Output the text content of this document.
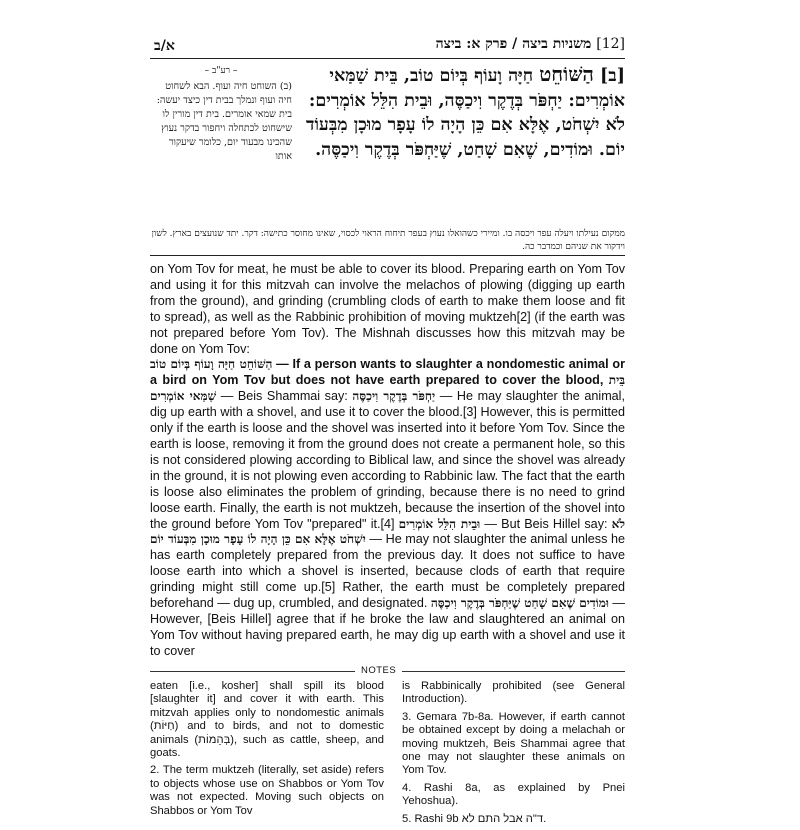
א/ב	[12] משניות ביצה / פרק א: ביצה
– רע"ב –

(ב) השוחט חיה ועוף. הבא לשחוט חיה ועוף ונמלך בבית דין כיצד יעשה: בית שמאי אומרים. בית דין מורין לו שישחוט לכתחלה ויחפור בדקר נעוץ שהכינו מבעוד יום, כלומר שיעקור אותו

[ב] הַשּׁוֹחֵט חַיָּה וָעוֹף בְּיוֹם טוֹב, בֵּית שַׁמַּאי אוֹמְרִים: יַחְפֹּר בְּדֶקֶר וִיכַסֶּה, וּבֵית הִלֵּל אוֹמְרִים: לֹא יִשְׁחֹט, אֶלָּא אִם כֵּן הָיָה לוֹ עָפָר מוּכָן מִבְּעוֹד יוֹם. וּמוֹדִים, שֶׁאִם שָׁחַט, שֶׁיַּחְפֹּר בְּדֶקֶר וִיכַסֶּה.

ממקום נעילתו ויעלה עפר ויכסה בו. ומיירי כשהואלו נעוץ בעפר תיחוח הראוי לכסוי, שאינו מחוסר כתישה: דקר. יתד שנועצים בארץ. לשון וידקור את שניהם וכמדבר כה.

on Yom Tov for meat, he must be able to cover its blood. Preparing earth on Yom Tov and using it for this mitzvah can involve the melachos of plowing (digging up earth from the ground), and grinding (crumbling clods of earth to make them loose and fit to spread), as well as the Rabbinic prohibition of moving muktzeh[2] (if the earth was not prepared before Yom Tov). The Mishnah discusses how this mitzvah may be done on Yom Tov:

הַשּׁוֹחֵט חַיָּה וָעוֹף בְּיוֹם טוֹב — If a person wants to slaughter a nondomestic animal or a bird on Yom Tov but does not have earth prepared to cover the blood, בֵּית שַׁמַּאי אוֹמְרִים — Beis Shammai say: יַחְפֹּר בְּדֶקֶר וִיכַסֶּה — He may slaughter the animal, dig up earth with a shovel, and use it to cover the blood.[3] However, this is permitted only if the earth is loose and the shovel was inserted into it before Yom Tov. Since the earth is loose, removing it from the ground does not create a permanent hole, so this is not considered plowing according to Biblical law, and since the shovel was already in the ground, it is not plowing even according to Rabbinic law. The fact that the earth is loose also eliminates the problem of grinding, because there is no need to grind loose earth. Finally, the earth is not muktzeh, because the insertion of the shovel into the ground before Yom Tov "prepared" it.[4] וּבֵית הִלֵּל אוֹמְרִים — But Beis Hillel say: לֹא יִשְׁחֹט אֶלָּא אִם כֵּן הָיָה לוֹ עָפָר מוּכָן מִבְּעוֹד יוֹם — He may not slaughter the animal unless he has earth completely prepared from the previous day. It does not suffice to have loose earth into which a shovel is inserted, because clods of earth that require grinding might still come up.[5] Rather, the earth must be completely prepared beforehand — dug up, crumbled, and designated. וּמוֹדִים שֶׁאִם שָׁחַט שֶׁיַּחְפֹּר בְּדֶקֶר וִיכַסֶּה — However, [Beis Hillel] agree that if he broke the law and slaughtered an animal on Yom Tov without having prepared earth, he may dig up earth with a shovel and use it to cover

NOTES

eaten [i.e., kosher] shall spill its blood [slaughter it] and cover it with earth. This mitzvah applies only to nondomestic animals (חַיּוֹת) and to birds, and not to domestic animals (בְּהֵמוֹת), such as cattle, sheep, and goats.

2. The term muktzeh (literally, set aside) refers to objects whose use on Shabbos or Yom Tov was not expected. Moving such objects on Shabbos or Yom Tov

is Rabbinically prohibited (see General Introduction).

3. Gemara 7b-8a. However, if earth cannot be obtained except by doing a melachah or moving muktzeh, Beis Shammai agree that one may not slaughter these animals on Yom Tov.

4. Rashi 8a, as explained by Pnei Yehoshua).

5. Rashi 9b ד"ה אבל התם לא.
